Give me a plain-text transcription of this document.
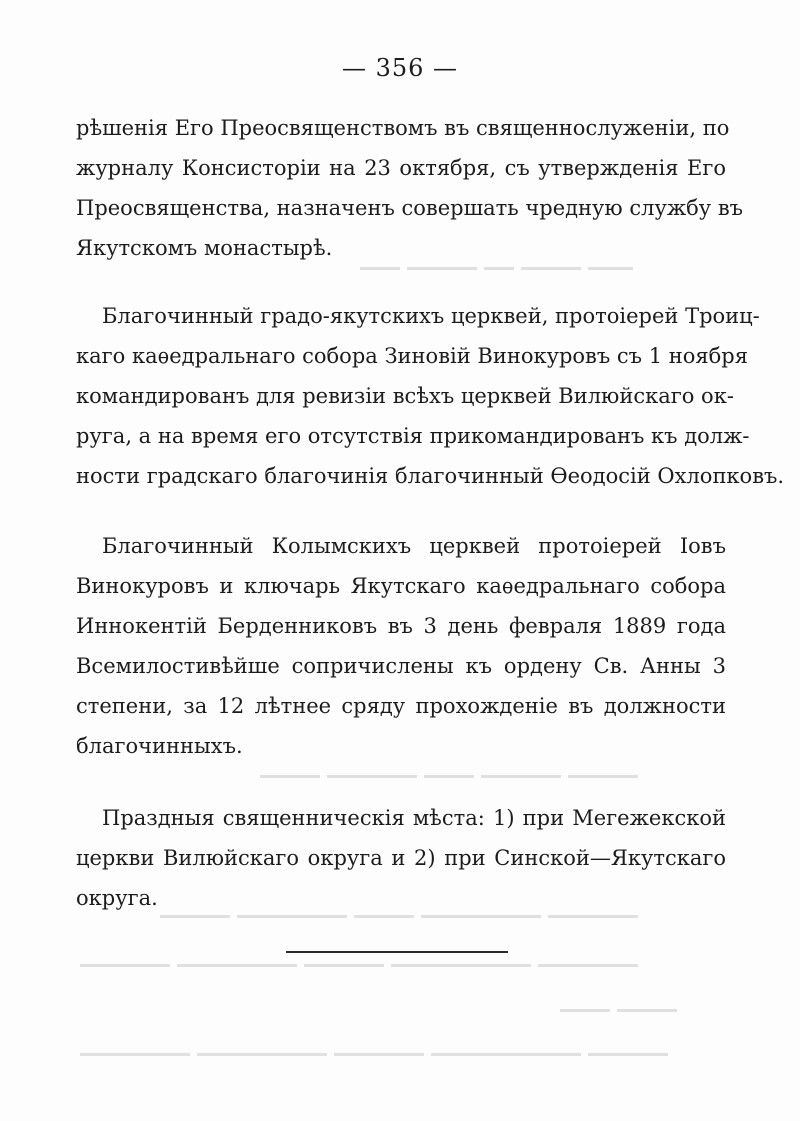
— 356 —
рѣшенія Его Преосвященствомъ въ священнослуженіи, по
журналу Консисторіи на 23 октября, съ утвержденія Его
Преосвященства, назначенъ совершать чредную службу въ
Якутскомъ монастырѣ.
Благочинный градо-якутскихъ церквей, протоіерей Троиц-
каго каѳедральнаго собора Зиновій Винокуровъ съ 1 ноября
командированъ для ревизіи всѣхъ церквей Вилюйскаго ок-
руга, а на время его отсутствія прикомандированъ къ долж-
ности градскаго благочинія благочинный Ѳеодосій Охлопковъ.
Благочинный Колымскихъ церквей протоіерей Іовъ
Винокуровъ и ключарь Якутскаго каѳедральнаго собора
Иннокентій Берденниковъ въ 3 день февраля 1889 года
Всемилостивѣйше сопричислены къ ордену Св. Анны 3
степени, за 12 лѣтнее сряду прохожденіе въ должности
благочинныхъ.
Праздныя священническія мѣста: 1) при Мегежекской
церкви Вилюйскаго округа и 2) при Синской—Якутскаго
округа.
